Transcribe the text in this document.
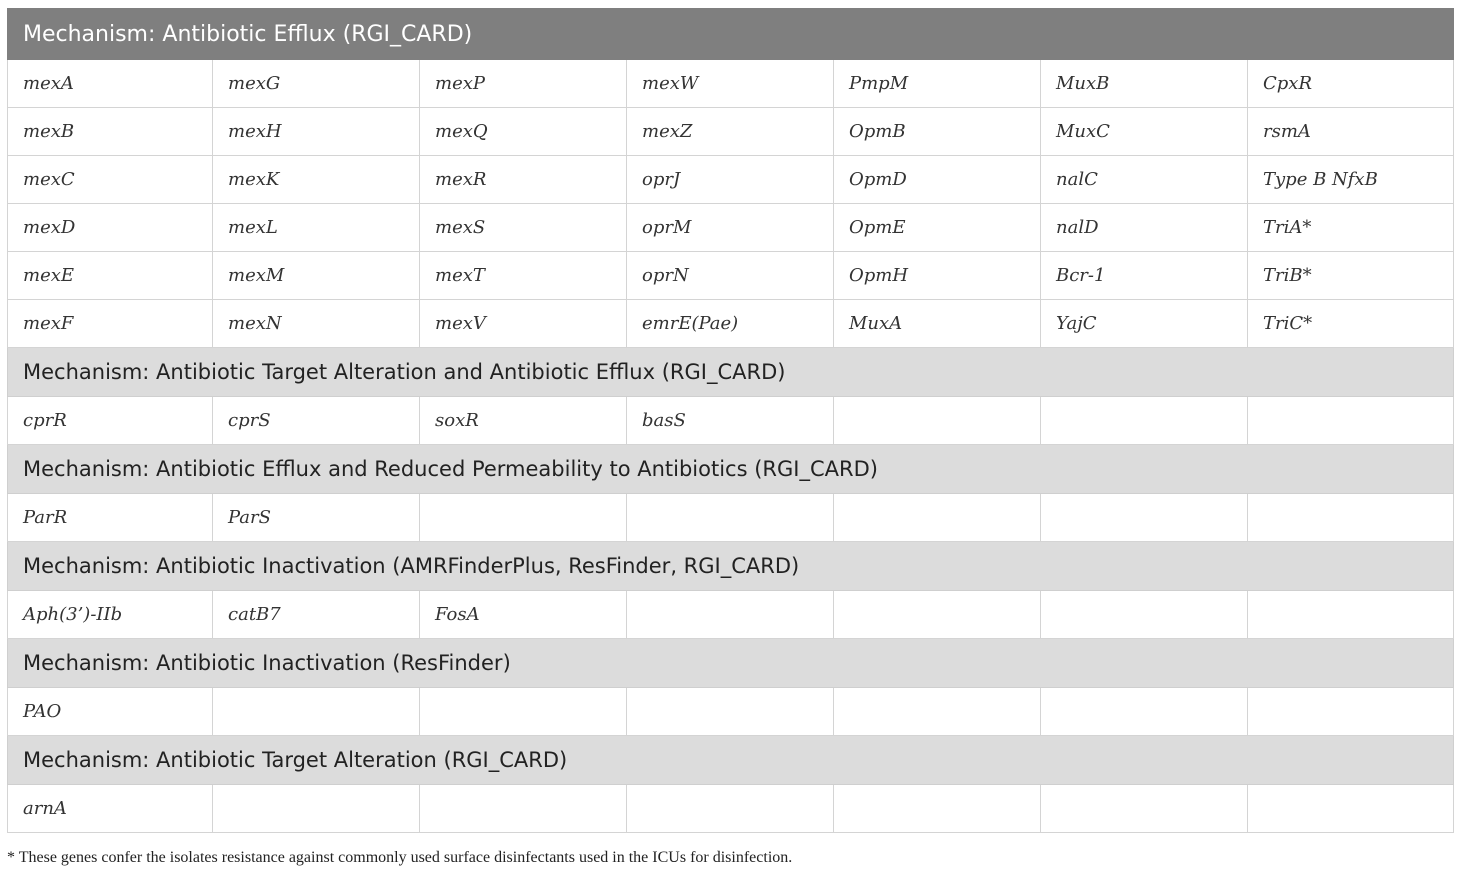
Mechanism: Antibiotic Efflux (RGI_CARD)						
mexA	mexG	mexP	mexW	PmpM	MuxB	CpxR
mexB	mexH	mexQ	mexZ	OpmB	MuxC	rsmA
mexC	mexK	mexR	oprJ	OpmD	nalC	Type B NfxB
mexD	mexL	mexS	oprM	OpmE	nalD	TriA*
mexE	mexM	mexT	oprN	OpmH	Bcr-1	TriB*
mexF	mexN	mexV	emrE(Pae)	MuxA	YajC	TriC*
Mechanism: Antibiotic Target Alteration and Antibiotic Efflux (RGI_CARD)						
cprR	cprS	soxR	basS			
Mechanism: Antibiotic Efflux and Reduced Permeability to Antibiotics (RGI_CARD)						
ParR	ParS					
Mechanism: Antibiotic Inactivation (AMRFinderPlus, ResFinder, RGI_CARD)						
Aph(3’)-IIb	catB7	FosA				
Mechanism: Antibiotic Inactivation (ResFinder)						
PAO						
Mechanism: Antibiotic Target Alteration (RGI_CARD)						
arnA						
* These genes confer the isolates resistance against commonly used surface disinfectants used in the ICUs for disinfection.
